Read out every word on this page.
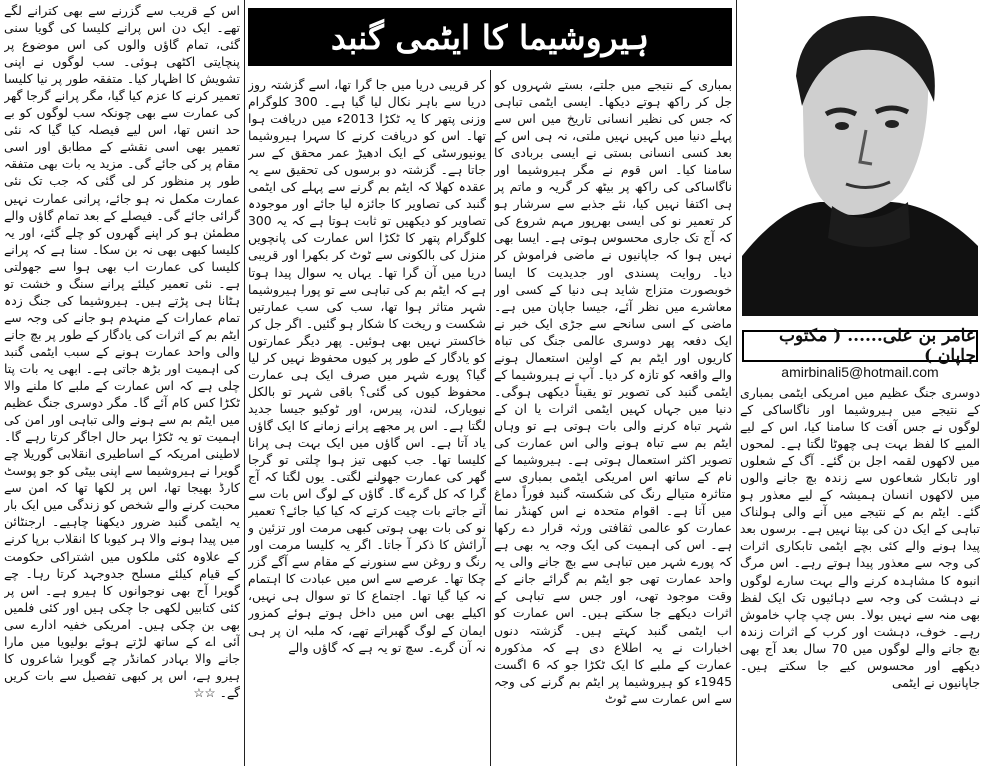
اس کے قریب سے گزرنے سے بھی کترانے لگے تھے۔ ایک دن اس پرانے کلیسا کی گویا سنی گئی، تمام گاؤں والوں کی اس موضوع پر پنچایتی اکٹھی ہوئی۔ سب لوگوں نے اپنی تشویش کا اظہار کیا۔ متفقہ طور پر نیا کلیسا تعمیر کرنے کا عزم کیا گیا، مگر پرانے گرجا گھر کی عمارت سے بھی چونکہ سب لوگوں کو بے حد انس تھا، اس لیے فیصلہ کیا گیا کہ نئی تعمیر بھی اسی نقشے کے مطابق اور اسی مقام پر کی جائے گی۔ مزید یہ بات بھی متفقہ طور پر منظور کر لی گئی کہ جب تک نئی عمارت مکمل نہ ہو جائے، پرانی عمارت نہیں گرائی جائے گی۔ فیصلے کے بعد تمام گاؤں والے مطمئن ہو کر اپنے گھروں کو چلے گئے، اور یہ کلیسا کبھی بھی نہ بن سکا۔ سنا ہے کہ پرانے کلیسا کی عمارت اب بھی ہوا سے جھولتی ہے۔ نئی تعمیر کیلئے پرانے سنگ و خشت تو ہٹانا ہی پڑتے ہیں۔ ہیروشیما کی جنگ زدہ تمام عمارات کے منہدم ہو جانے کی وجہ سے ایٹم بم کے اثرات کی یادگار کے طور پر بچ جانے والی واحد عمارت ہونے کے سبب ایٹمی گنبد کی اہمیت اور بڑھ جاتی ہے۔ ابھی یہ بات پتا چلی ہے کہ اس عمارت کے ملبے کا ملنے والا ٹکڑا کس کام آئے گا۔ مگر دوسری جنگ عظیم میں ایٹم بم سے ہونے والی تباہی اور امن کی اہمیت تو یہ ٹکڑا بہر حال اجاگر کرتا رہے گا۔ لاطینی امریکہ کے اساطیری انقلابی گوریلا چے گویرا نے ہیروشیما سے اپنی بیٹی کو جو پوسٹ کارڈ بھیجا تھا، اس پر لکھا تھا کہ امن سے محبت کرنے والے شخص کو زندگی میں ایک بار یہ ایٹمی گنبد ضرور دیکھنا چاہیے۔ ارجنٹائن میں پیدا ہونے والا ہر کیوبا کا انقلاب برپا کرنے کے علاوہ کئی ملکوں میں اشتراکی حکومت کے قیام کیلئے مسلح جدوجہد کرتا رہا۔ چے گویرا آج بھی نوجوانوں کا ہیرو ہے۔ اس پر کئی کتابیں لکھی جا چکی ہیں اور کئی فلمیں بھی بن چکی ہیں۔ امریکی خفیہ ادارے سی آئی اے کے ساتھ لڑتے ہوئے بولیویا میں مارا جانے والا بہادر کمانڈر چے گویرا شاعروں کا ہیرو ہے، اس پر کبھی تفصیل سے بات کریں گے۔ ☆☆

ہیروشیما کا ایٹمی گنبد

کر قریبی دریا میں جا گرا تھا، اسے گزشتہ روز دریا سے باہر نکال لیا گیا ہے۔ 300 کلوگرام وزنی پتھر کا یہ ٹکڑا 2013ء میں دریافت ہوا تھا۔ اس کو دریافت کرنے کا سہرا ہیروشیما یونیورسٹی کے ایک ادھیڑ عمر محقق کے سر جاتا ہے۔ گزشتہ دو برسوں کی تحقیق سے یہ عقدہ کھلا کہ ایٹم بم گرنے سے پہلے کی ایٹمی گنبد کی تصاویر کا جائزہ لیا جائے اور موجودہ تصاویر کو دیکھیں تو ثابت ہوتا ہے کہ یہ 300 کلوگرام پتھر کا ٹکڑا اس عمارت کی پانچویں منزل کی بالکونی سے ٹوٹ کر بکھرا اور قریبی دریا میں آن گرا تھا۔ یہاں یہ سوال پیدا ہوتا ہے کہ ایٹم بم کی تباہی سے تو پورا ہیروشیما شہر متاثر ہوا تھا، سب کی سب عمارتیں شکست و ریخت کا شکار ہو گئیں۔ اگر جل کر خاکستر نہیں بھی ہوئیں۔ پھر دیگر عمارتوں کو یادگار کے طور پر کیوں محفوظ نہیں کر لیا گیا؟ پورے شہر میں صرف ایک ہی عمارت محفوظ کیوں کی گئی؟ باقی شہر تو بالکل نیویارک، لندن، پیرس، اور ٹوکیو جیسا جدید لگتا ہے۔ اس پر مجھے پرانے زمانے کا ایک گاؤں یاد آتا ہے۔ اس گاؤں میں ایک بہت ہی پرانا کلیسا تھا۔ جب کبھی تیز ہوا چلتی تو گرجا گھر کی عمارت جھولنے لگتی۔ یوں لگتا کہ آج گرا کہ کل گرے گا۔ گاؤں کے لوگ اس بات سے آتے جاتے بات چیت کرتے کہ کیا کیا جائے؟ تعمیر نو کی بات بھی ہوتی کبھی مرمت اور تزئین و آرائش کا ذکر آ جاتا۔ اگر یہ کلیسا مرمت اور رنگ و روغن سے سنورنے کے مقام سے آگے گزر چکا تھا۔ عرصے سے اس میں عبادت کا اہتمام نہ کیا گیا تھا۔ اجتماع کا تو سوال ہی نہیں، اکیلے بھی اس میں داخل ہوتے ہوئے کمزور ایمان کے لوگ گھبراتے تھے، کہ ملبہ ان پر ہی نہ آن گرے۔ سچ تو یہ ہے کہ گاؤں والے

بمباری کے نتیجے میں جلتے، بستے شہروں کو جل کر راکھ ہوتے دیکھا۔ ایسی ایٹمی تباہی کہ جس کی نظیر انسانی تاریخ میں اس سے پہلے دنیا میں کہیں نہیں ملتی، نہ ہی اس کے بعد کسی انسانی بستی نے ایسی بربادی کا سامنا کیا۔ اس قوم نے مگر ہیروشیما اور ناگاساکی کی راکھ پر بیٹھ کر گریہ و ماتم پر ہی اکتفا نہیں کیا، نئے جذبے سے سرشار ہو کر تعمیر نو کی ایسی بھرپور مہم شروع کی کہ آج تک جاری محسوس ہوتی ہے۔ ایسا بھی نہیں ہوا کہ جاپانیوں نے ماضی فراموش کر دیا۔ روایت پسندی اور جدیدیت کا ایسا خوبصورت متزاج شاید ہی دنیا کے کسی اور معاشرے میں نظر آئے، جیسا جاپان میں ہے۔ ماضی کے اسی سانحے سے جڑی ایک خبر نے ایک دفعہ پھر دوسری عالمی جنگ کی تباہ کاریوں اور ایٹم بم کے اولین استعمال ہونے والے واقعہ کو تازہ کر دیا۔ آپ نے ہیروشیما کے ایٹمی گنبد کی تصویر تو یقیناً دیکھی ہوگی۔ دنیا میں جہاں کہیں ایٹمی اثرات یا ان کے شہر تباہ کرنے والی بات ہوتی ہے تو وہاں ایٹم بم سے تباہ ہونے والی اس عمارت کی تصویر اکثر استعمال ہوتی ہے۔ ہیروشیما کے نام کے ساتھ اس امریکی ایٹمی بمباری سے متاثرہ متیالے رنگ کی شکستہ گنبد فوراً دماغ میں آتا ہے۔ اقوام متحدہ نے اس کھنڈر نما عمارت کو عالمی ثقافتی ورثہ قرار دے رکھا ہے۔ اس کی اہمیت کی ایک وجہ یہ بھی ہے کہ پورے شہر میں تباہی سے بچ جانے والی یہ واحد عمارت تھی جو ایٹم بم گرائے جانے کے وقت موجود تھی، اور جس سے تباہی کے اثرات دیکھے جا سکتے ہیں۔ اس عمارت کو اب ایٹمی گنبد کہتے ہیں۔ گزشتہ دنوں اخبارات نے یہ اطلاع دی ہے کہ مذکورہ عمارت کے ملبے کا ایک ٹکڑا جو کہ 6 اگست 1945ء کو ہیروشیما پر ایٹم بم گرنے کی وجہ سے اس عمارت سے ٹوٹ

عامر بن علی...... ( مکتوب جاپان )
amirbinali5@hotmail.com

دوسری جنگ عظیم میں امریکی ایٹمی بمباری کے نتیجے میں ہیروشیما اور ناگاساکی کے لوگوں نے جس آفت کا سامنا کیا، اس کے لیے المیے کا لفظ بہت ہی چھوٹا لگتا ہے۔ لمحوں میں لاکھوں لقمہ اجل بن گئے۔ آگ کے شعلوں اور تابکار شعاعوں سے زندہ بچ جانے والوں میں لاکھوں انسان ہمیشہ کے لیے معذور ہو گئے۔ ایٹم بم کے نتیجے میں آنے والی ہولناک تباہی کے ایک دن کی بپتا نہیں ہے۔ برسوں بعد پیدا ہونے والے کئی بچے ایٹمی تابکاری اثرات کی وجہ سے معذور پیدا ہوتے رہے۔ اس مرگ انبوہ کا مشاہدہ کرنے والے بہت سارے لوگوں نے دہشت کی وجہ سے دہائیوں تک ایک لفظ بھی منہ سے نہیں بولا۔ بس چپ چاپ خاموش رہے۔ خوف، دہشت اور کرب کے اثرات زندہ بچ جانے والے لوگوں میں 70 سال بعد آج بھی دیکھے اور محسوس کیے جا سکتے ہیں۔ جاپانیوں نے ایٹمی
